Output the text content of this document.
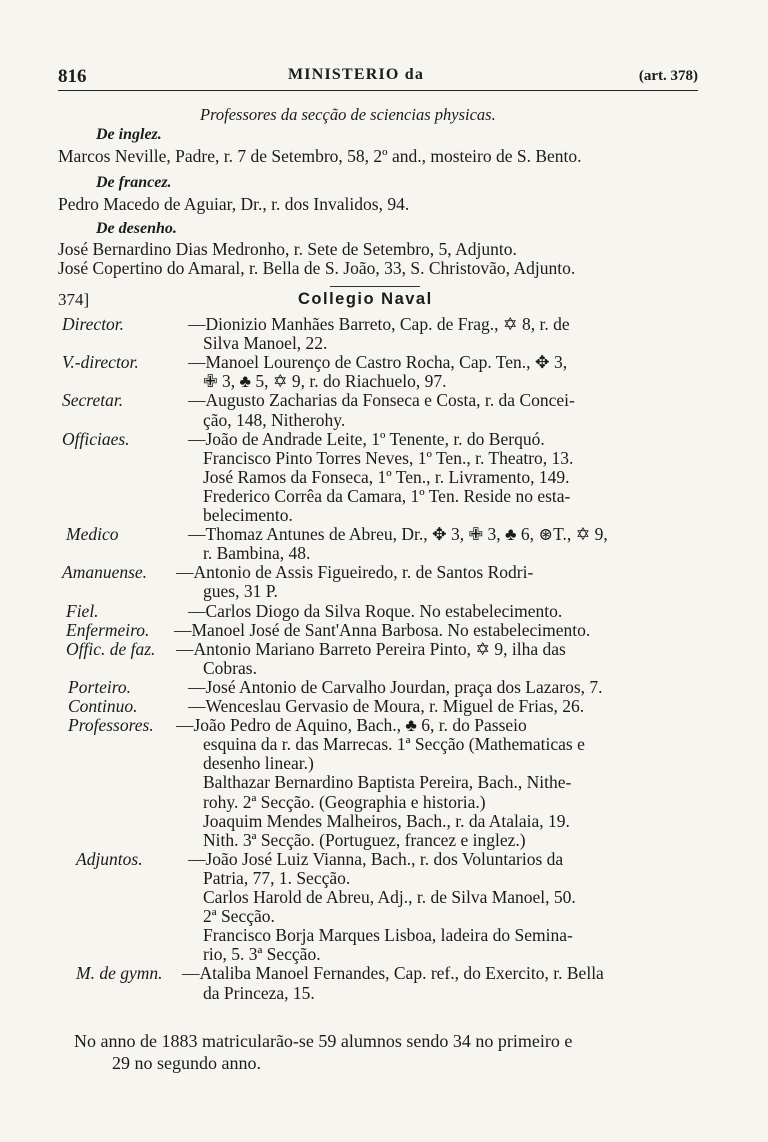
816	MINISTERIO da	(art. 378)
Professores da secção de sciencias physicas.
De inglez.
Marcos Neville, Padre, r. 7 de Setembro, 58, 2º and., mosteiro de S. Bento.
De francez.
Pedro Macedo de Aguiar, Dr., r. dos Invalidos, 94.
De desenho.
José Bernardino Dias Medronho, r. Sete de Setembro, 5, Adjunto.
José Copertino do Amaral, r. Bella de S. João, 33, S. Christovão, Adjunto.
374]	Collegio Naval
Director.	—Dionizio Manhães Barreto, Cap. de Frag., ✡ 8, r. de
Silva Manoel, 22.
V.-director.	—Manoel Lourenço de Castro Rocha, Cap. Ten., ✥ 3,
✙ 3, ♣ 5, ✡ 9, r. do Riachuelo, 97.
Secretar.	—Augusto Zacharias da Fonseca e Costa, r. da Concei-
ção, 148, Nitherohy.
Officiaes.	—João de Andrade Leite, 1º Tenente, r. do Berquó.
Francisco Pinto Torres Neves, 1º Ten., r. Theatro, 13.
José Ramos da Fonseca, 1º Ten., r. Livramento, 149.
Frederico Corrêa da Camara, 1º Ten. Reside no esta-
belecimento.
Medico	—Thomaz Antunes de Abreu, Dr., ✥ 3, ✙ 3, ♣ 6, ⊛T., ✡ 9,
r. Bambina, 48.
Amanuense. —Antonio de Assis Figueiredo, r. de Santos Rodri-
gues, 31 P.
Fiel.	—Carlos Diogo da Silva Roque. No estabelecimento.
Enfermeiro. —Manoel José de Sant'Anna Barbosa. No estabelecimento.
Offic. de faz. —Antonio Mariano Barreto Pereira Pinto, ✡ 9, ilha das
Cobras.
Porteiro.	—José Antonio de Carvalho Jourdan, praça dos Lazaros, 7.
Continuo.	—Wenceslau Gervasio de Moura, r. Miguel de Frias, 26.
Professores. —João Pedro de Aquino, Bach., ♣ 6, r. do Passeio
esquina da r. das Marrecas. 1ª Secção (Mathematicas e
desenho linear.)
Balthazar Bernardino Baptista Pereira, Bach., Nithe-
rohy. 2ª Secção. (Geographia e historia.)
Joaquim Mendes Malheiros, Bach., r. da Atalaia, 19.
Nith. 3ª Secção. (Portuguez, francez e inglez.)
Adjuntos.	—João José Luiz Vianna, Bach., r. dos Voluntarios da
Patria, 77, 1. Secção.
Carlos Harold de Abreu, Adj., r. de Silva Manoel, 50.
2ª Secção.
Francisco Borja Marques Lisboa, ladeira do Semina-
rio, 5. 3ª Secção.
M. de gymn. —Ataliba Manoel Fernandes, Cap. ref., do Exercito, r. Bella
da Princeza, 15.
No anno de 1883 matricularão-se 59 alumnos sendo 34 no primeiro e
29 no segundo anno.
